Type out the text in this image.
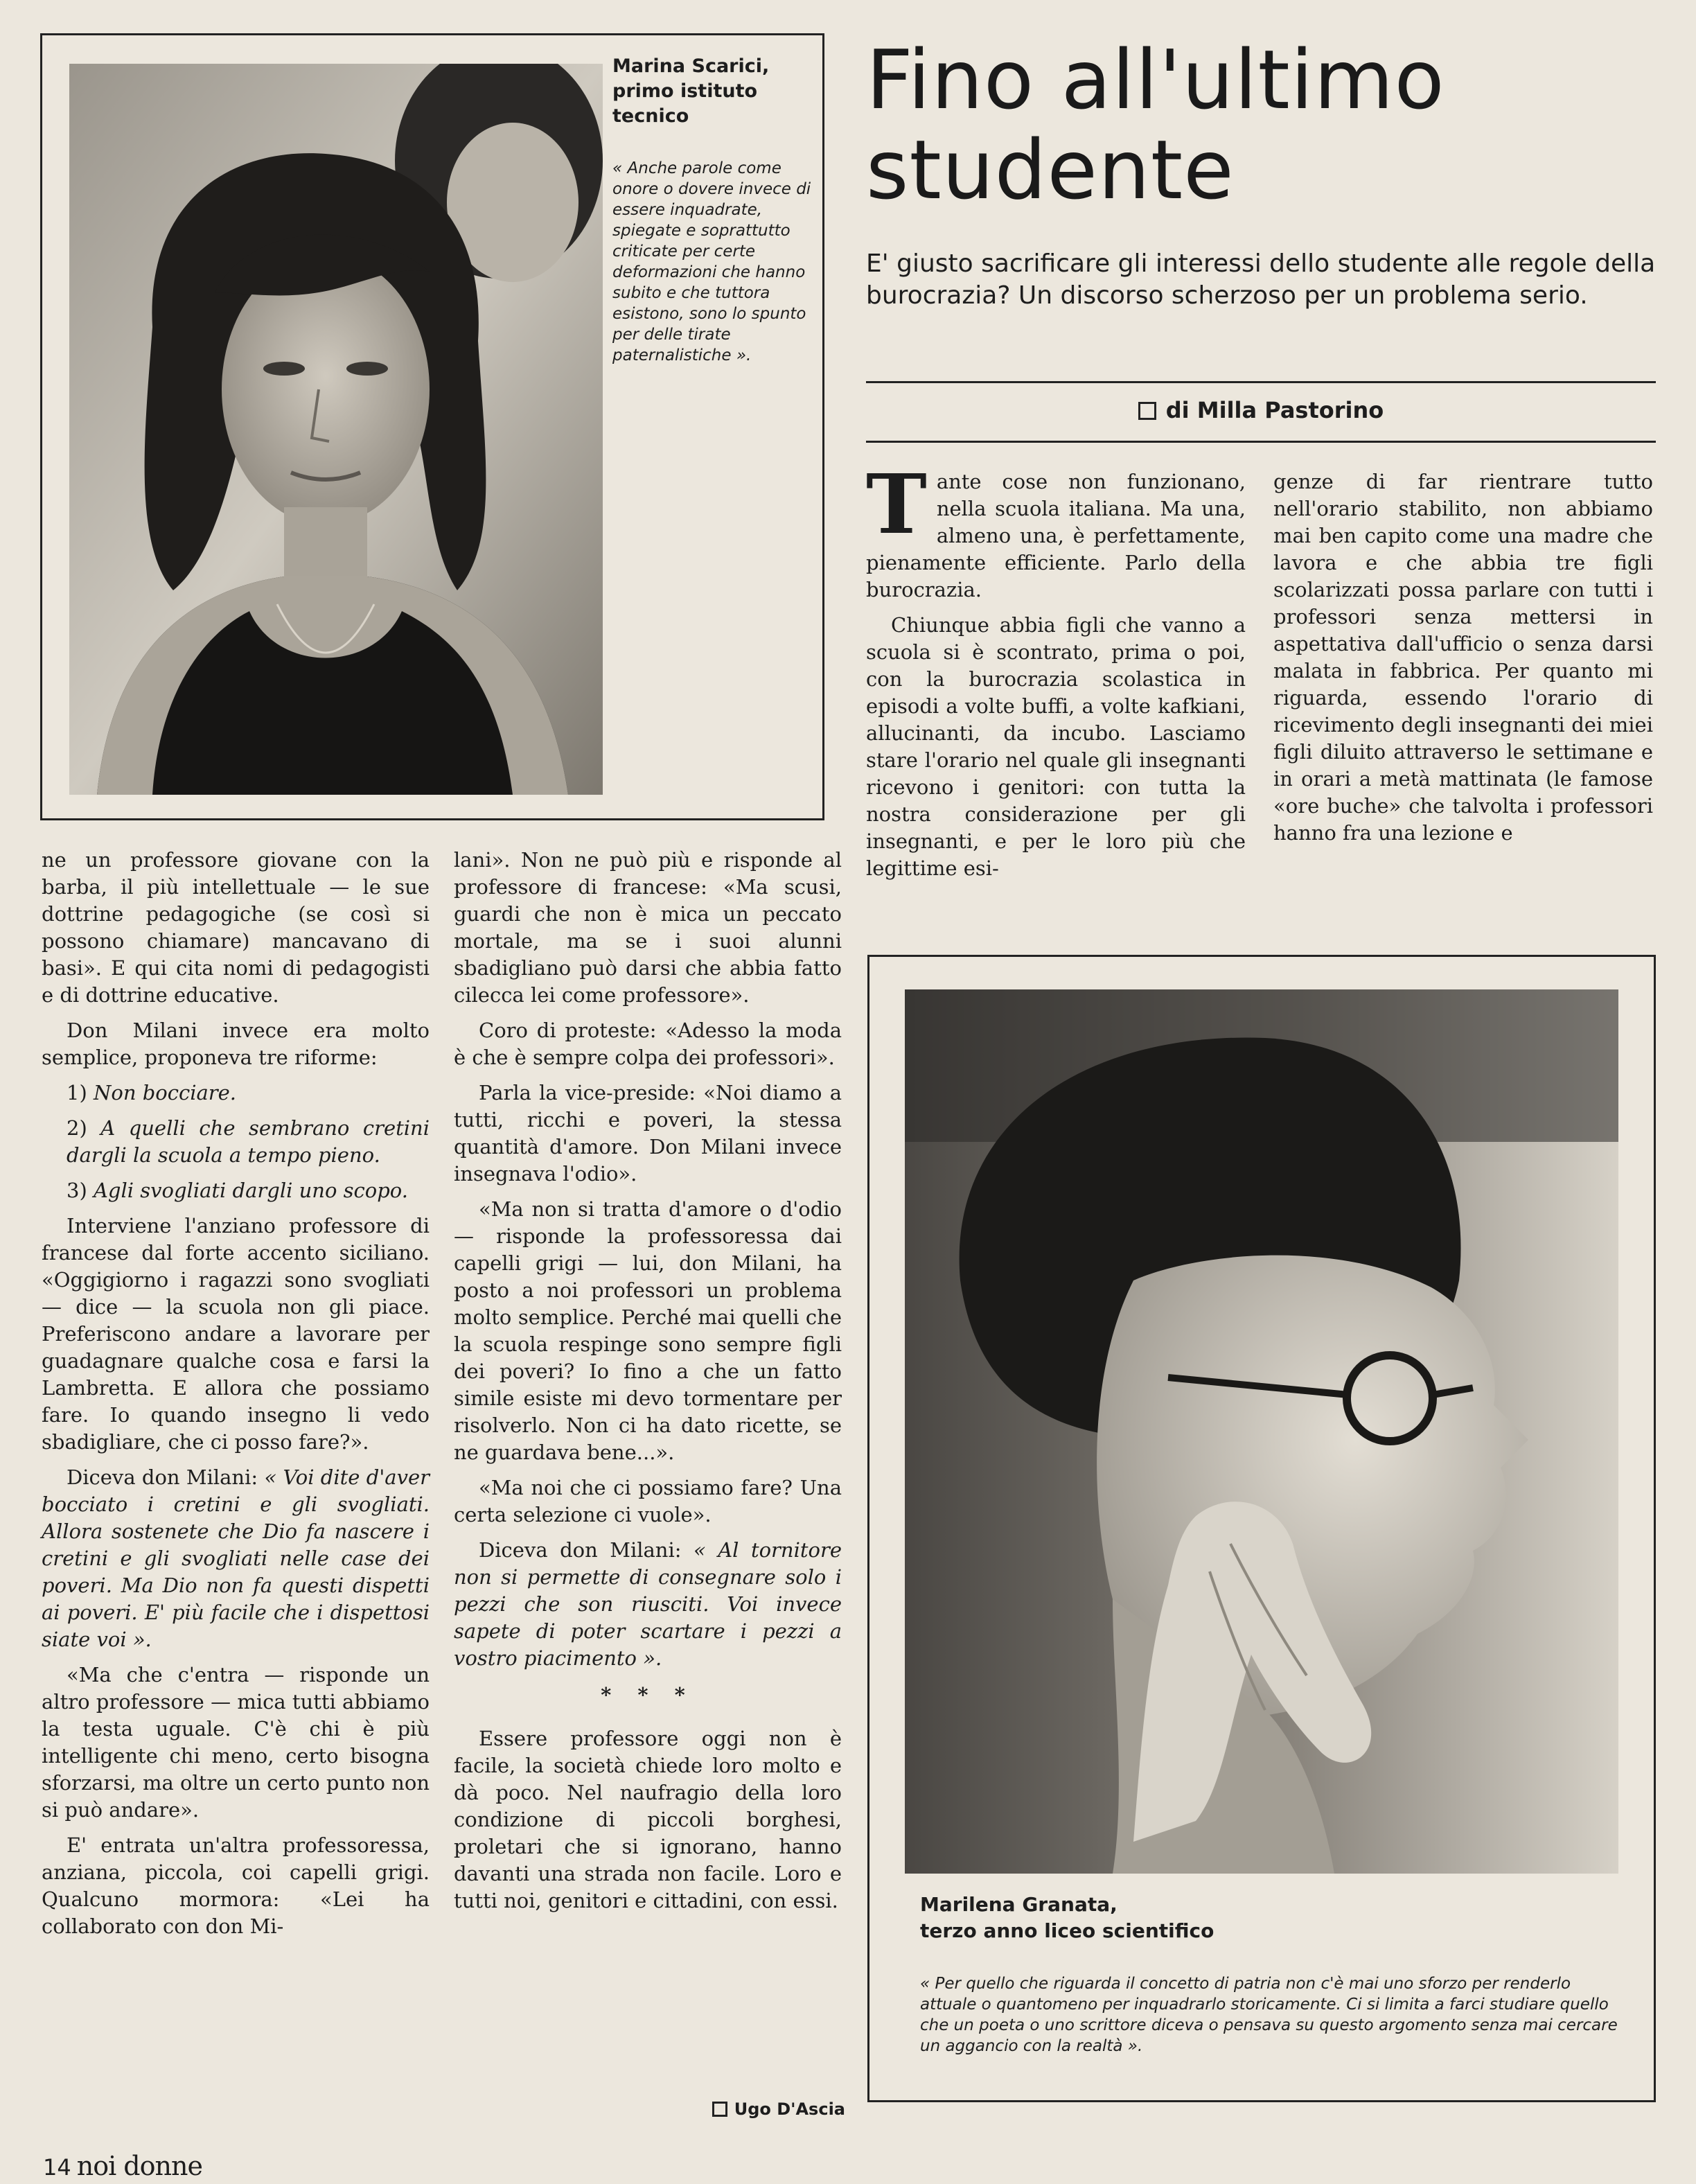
Marina Scarici, primo istituto tecnico
« Anche parole come onore o dovere invece di essere inquadrate, spiegate e soprattutto criticate per certe deformazioni che hanno subito e che tuttora esistono, sono lo spunto per delle tirate paternalistiche ».
Fino all'ultimo studente
E' giusto sacrificare gli interessi dello studente alle regole della burocrazia? Un discorso scherzoso per un problema serio.
di Milla Pastorino

Tante cose non funzionano, nella scuola italiana. Ma una, almeno una, è perfettamente, pienamente efficiente. Parlo della burocrazia.

Chiunque abbia figli che vanno a scuola si è scontrato, prima o poi, con la burocrazia scolastica in episodi a volte buffi, a volte kafkiani, allucinanti, da incubo. Lasciamo stare l'orario nel quale gli insegnanti ricevono i genitori: con tutta la nostra considerazione per gli insegnanti, e per le loro più che legittime esi-

genze di far rientrare tutto nell'orario stabilito, non abbiamo mai ben capito come una madre che lavora e che abbia tre figli scolarizzati possa parlare con tutti i professori senza mettersi in aspettativa dall'ufficio o senza darsi malata in fabbrica. Per quanto mi riguarda, essendo l'orario di ricevimento degli insegnanti dei miei figli diluito attraverso le settimane e in orari a metà mattinata (le famose «ore buche» che talvolta i professori hanno fra una lezione e

ne un professore giovane con la barba, il più intellettuale — le sue dottrine pedagogiche (se così si possono chiamare) mancavano di basi». E qui cita nomi di pedagogisti e di dottrine educative.

Don Milani invece era molto semplice, proponeva tre riforme:

1) Non bocciare.

2) A quelli che sembrano cretini dargli la scuola a tempo pieno.

3) Agli svogliati dargli uno scopo.

Interviene l'anziano professore di francese dal forte accento siciliano. «Oggigiorno i ragazzi sono svogliati — dice — la scuola non gli piace. Preferiscono andare a lavorare per guadagnare qualche cosa e farsi la Lambretta. E allora che possiamo fare. Io quando insegno li vedo sbadigliare, che ci posso fare?».

Diceva don Milani: « Voi dite d'aver bocciato i cretini e gli svogliati. Allora sostenete che Dio fa nascere i cretini e gli svogliati nelle case dei poveri. Ma Dio non fa questi dispetti ai poveri. E' più facile che i dispettosi siate voi ».

«Ma che c'entra — risponde un altro professore — mica tutti abbiamo la testa uguale. C'è chi è più intelligente chi meno, certo bisogna sforzarsi, ma oltre un certo punto non si può andare».

E' entrata un'altra professoressa, anziana, piccola, coi capelli grigi. Qualcuno mormora: «Lei ha collaborato con don Mi-

lani». Non ne può più e risponde al professore di francese: «Ma scusi, guardi che non è mica un peccato mortale, ma se i suoi alunni sbadigliano può darsi che abbia fatto cilecca lei come professore».

Coro di proteste: «Adesso la moda è che è sempre colpa dei professori».

Parla la vice-preside: «Noi diamo a tutti, ricchi e poveri, la stessa quantità d'amore. Don Milani invece insegnava l'odio».

«Ma non si tratta d'amore o d'odio — risponde la professoressa dai capelli grigi — lui, don Milani, ha posto a noi professori un problema molto semplice. Perché mai quelli che la scuola respinge sono sempre figli dei poveri? Io fino a che un fatto simile esiste mi devo tormentare per risolverlo. Non ci ha dato ricette, se ne guardava bene...».

«Ma noi che ci possiamo fare? Una certa selezione ci vuole».

Diceva don Milani: « Al tornitore non si permette di consegnare solo i pezzi che son riusciti. Voi invece sapete di poter scartare i pezzi a vostro piacimento ».

* * *

Essere professore oggi non è facile, la società chiede loro molto e dà poco. Nel naufragio della loro condizione di piccoli borghesi, proletari che si ignorano, hanno davanti una strada non facile. Loro e tutti noi, genitori e cittadini, con essi.

Ugo D'Ascia
Marilena Granata,
terzo anno liceo scientifico
« Per quello che riguarda il concetto di patria non c'è mai uno sforzo per renderlo attuale o quantomeno per inquadrarlo storicamente. Ci si limita a farci studiare quello che un poeta o uno scrittore diceva o pensava su questo argomento senza mai cercare un aggancio con la realtà ».
14 noi donne
